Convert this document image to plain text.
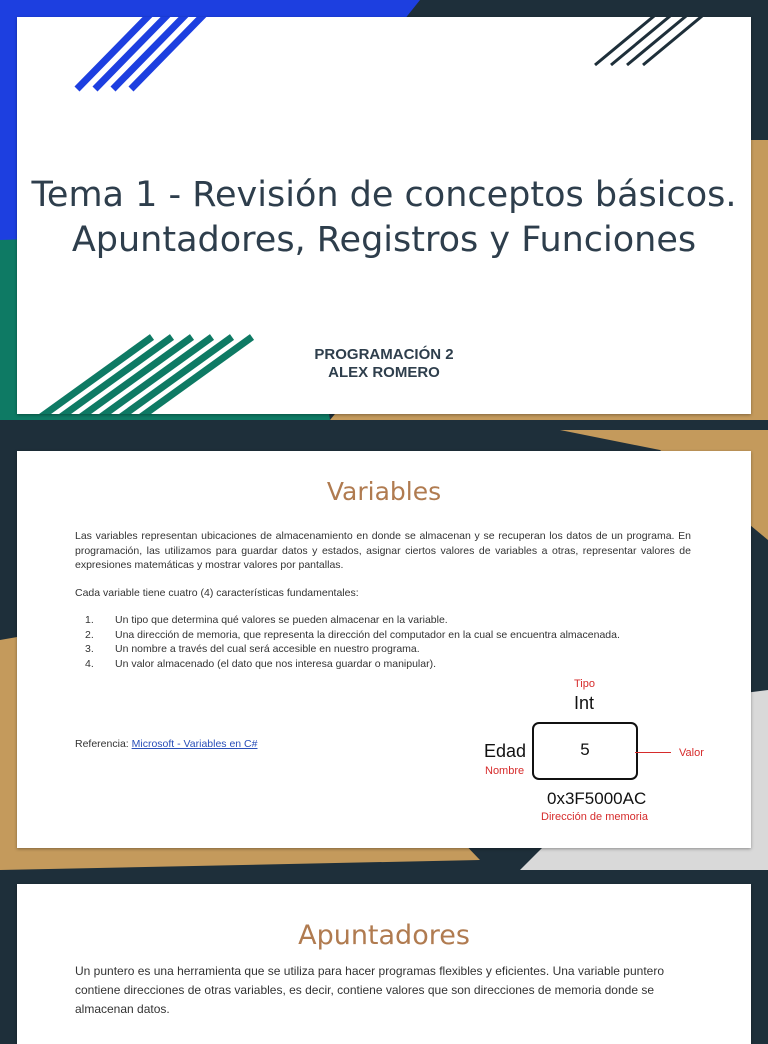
Tema 1 - Revisión de conceptos básicos.
Apuntadores, Registros y Funciones
PROGRAMACIÓN 2
ALEX ROMERO
Variables
Las variables representan ubicaciones de almacenamiento en donde se almacenan y se recuperan los datos de un programa. En programación, las utilizamos para guardar datos y estados, asignar ciertos valores de variables a otras, representar valores de expresiones matemáticas y mostrar valores por pantallas.
Cada variable tiene cuatro (4) características fundamentales:
1. Un tipo que determina qué valores se pueden almacenar en la variable.
2. Una dirección de memoria, que representa la dirección del computador en la cual se encuentra almacenada.
3. Un nombre a través del cual será accesible en nuestro programa.
4. Un valor almacenado (el dato que nos interesa guardar o manipular).
Referencia: Microsoft - Variables en C#
Tipo
Int
Edad
Nombre
5	Valor
0x3F5000AC
Dirección de memoria
Apuntadores
Un puntero es una herramienta que se utiliza para hacer programas flexibles y eficientes. Una variable puntero contiene direcciones de otras variables, es decir, contiene valores que son direcciones de memoria donde se almacenan datos.
